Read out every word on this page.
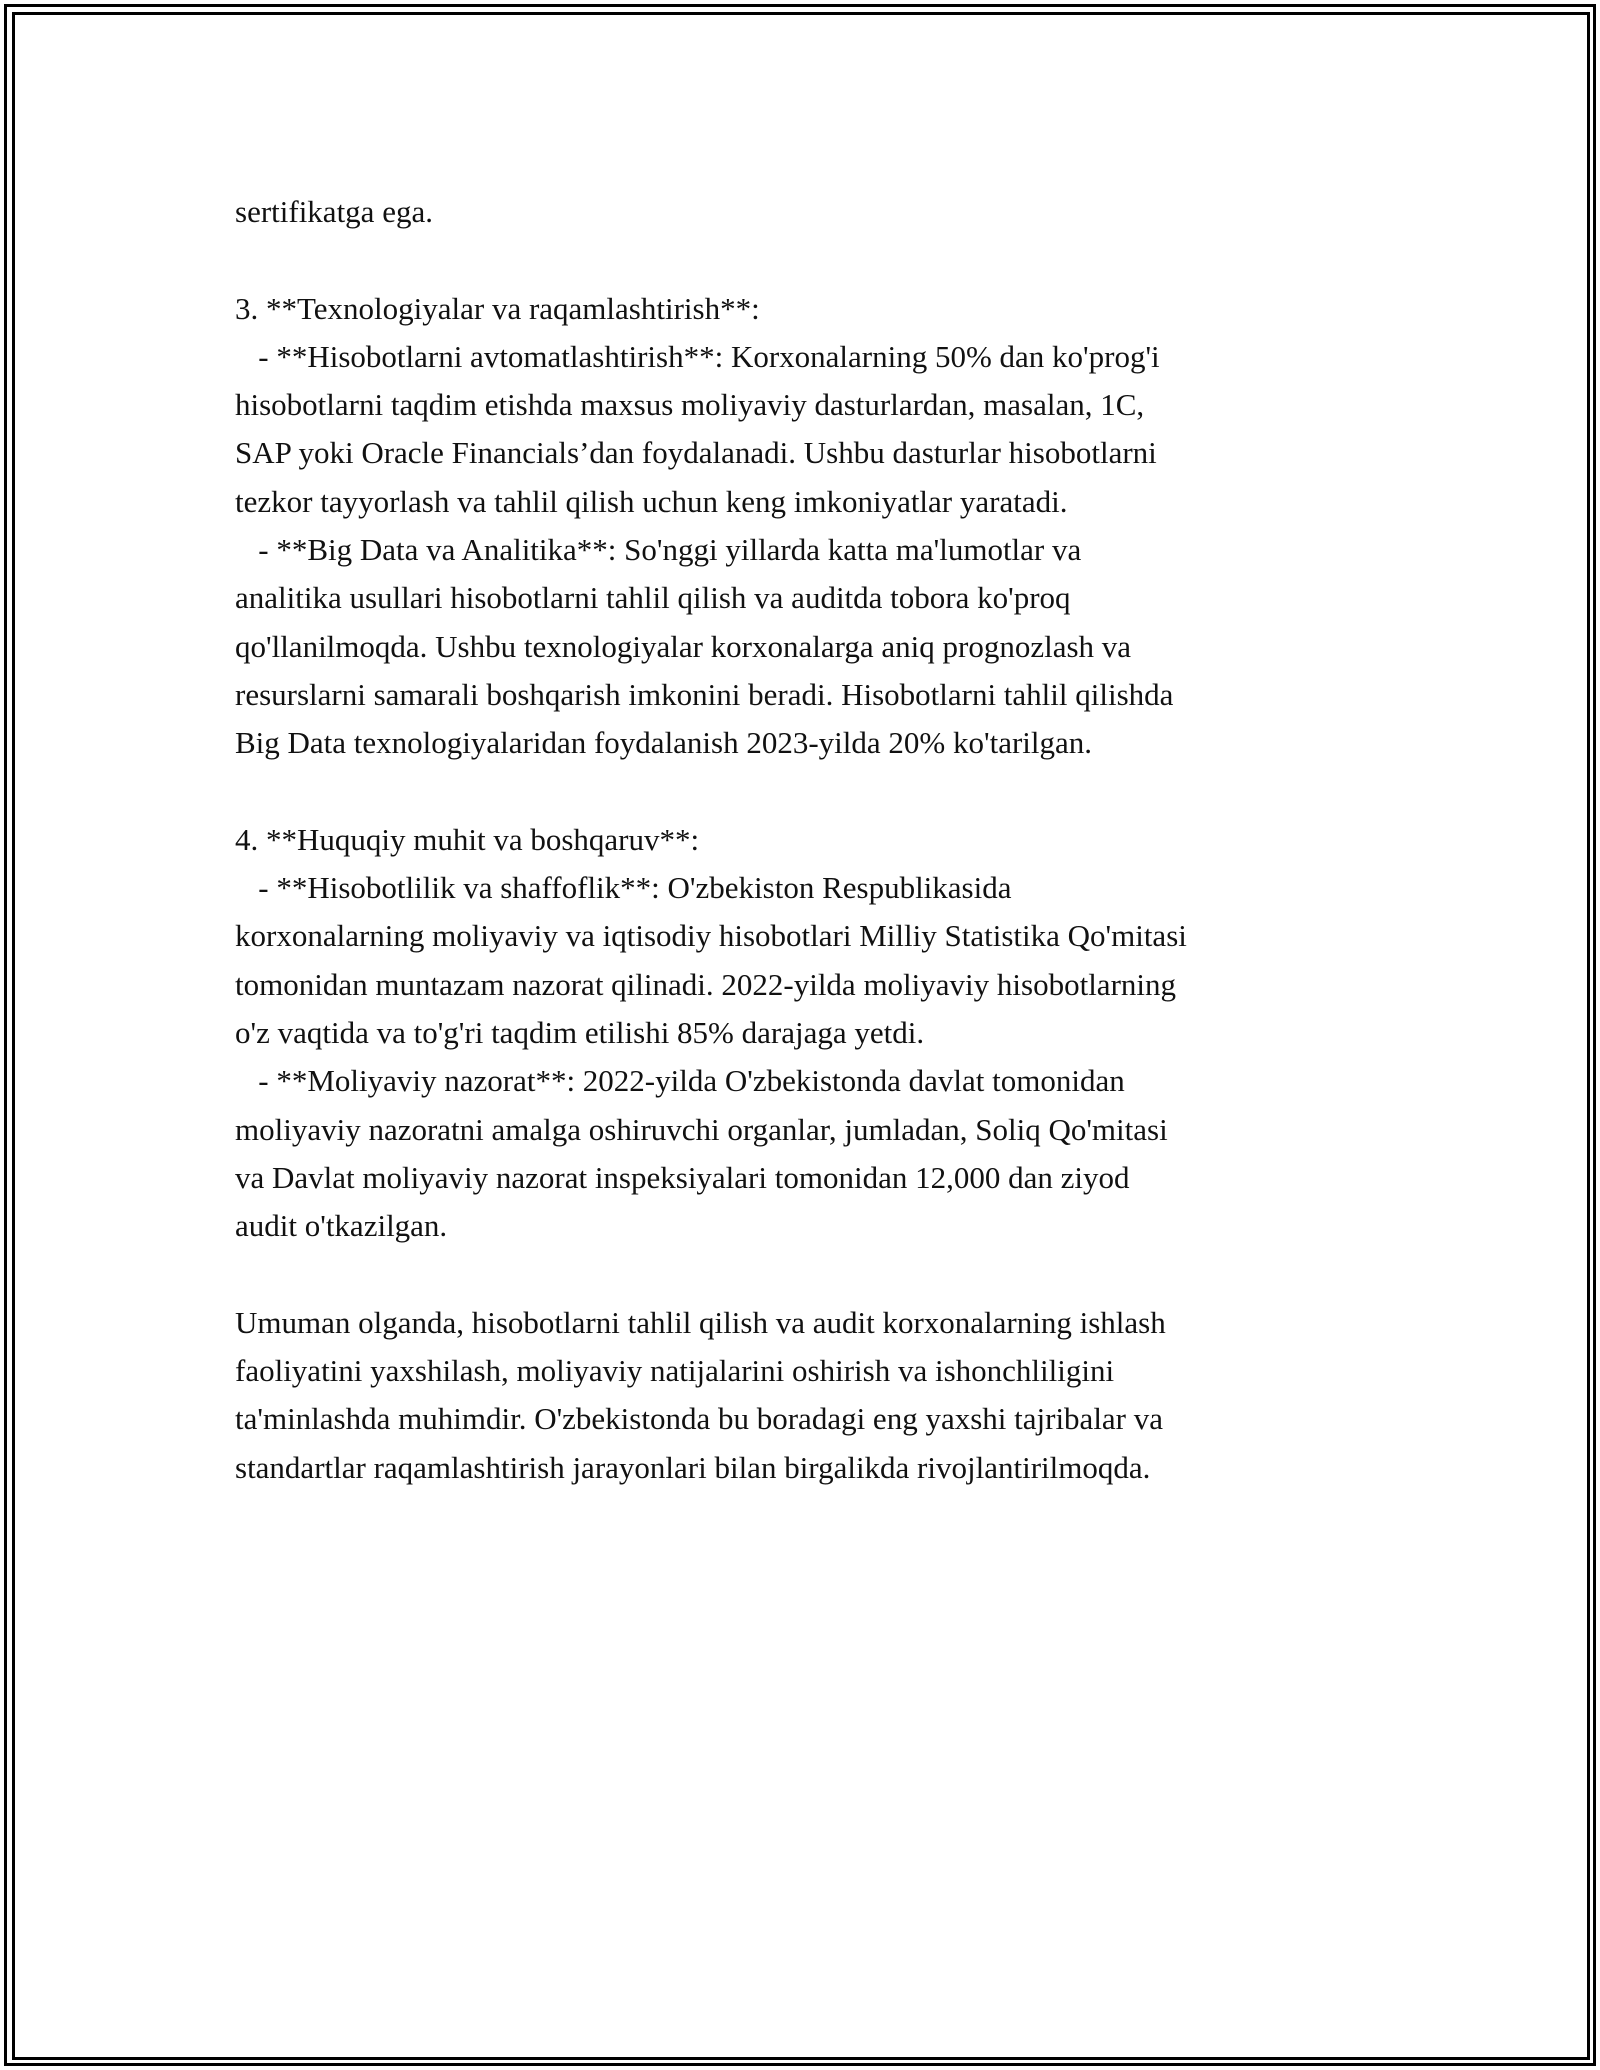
sertifikatga ega.
3. **Texnologiyalar va raqamlashtirish**:
- **Hisobotlarni avtomatlashtirish**: Korxonalarning 50% dan ko'prog'i
hisobotlarni taqdim etishda maxsus moliyaviy dasturlardan, masalan, 1C,
SAP yoki Oracle Financials’dan foydalanadi. Ushbu dasturlar hisobotlarni
tezkor tayyorlash va tahlil qilish uchun keng imkoniyatlar yaratadi.
- **Big Data va Analitika**: So'nggi yillarda katta ma'lumotlar va
analitika usullari hisobotlarni tahlil qilish va auditda tobora ko'proq
qo'llanilmoqda. Ushbu texnologiyalar korxonalarga aniq prognozlash va
resurslarni samarali boshqarish imkonini beradi. Hisobotlarni tahlil qilishda
Big Data texnologiyalaridan foydalanish 2023-yilda 20% ko'tarilgan.
4. **Huquqiy muhit va boshqaruv**:
- **Hisobotlilik va shaffoflik**: O'zbekiston Respublikasida
korxonalarning moliyaviy va iqtisodiy hisobotlari Milliy Statistika Qo'mitasi
tomonidan muntazam nazorat qilinadi. 2022-yilda moliyaviy hisobotlarning
o'z vaqtida va to'g'ri taqdim etilishi 85% darajaga yetdi.
- **Moliyaviy nazorat**: 2022-yilda O'zbekistonda davlat tomonidan
moliyaviy nazoratni amalga oshiruvchi organlar, jumladan, Soliq Qo'mitasi
va Davlat moliyaviy nazorat inspeksiyalari tomonidan 12,000 dan ziyod
audit o'tkazilgan.
Umuman olganda, hisobotlarni tahlil qilish va audit korxonalarning ishlash
faoliyatini yaxshilash, moliyaviy natijalarini oshirish va ishonchliligini
ta'minlashda muhimdir. O'zbekistonda bu boradagi eng yaxshi tajribalar va
standartlar raqamlashtirish jarayonlari bilan birgalikda rivojlantirilmoqda.
